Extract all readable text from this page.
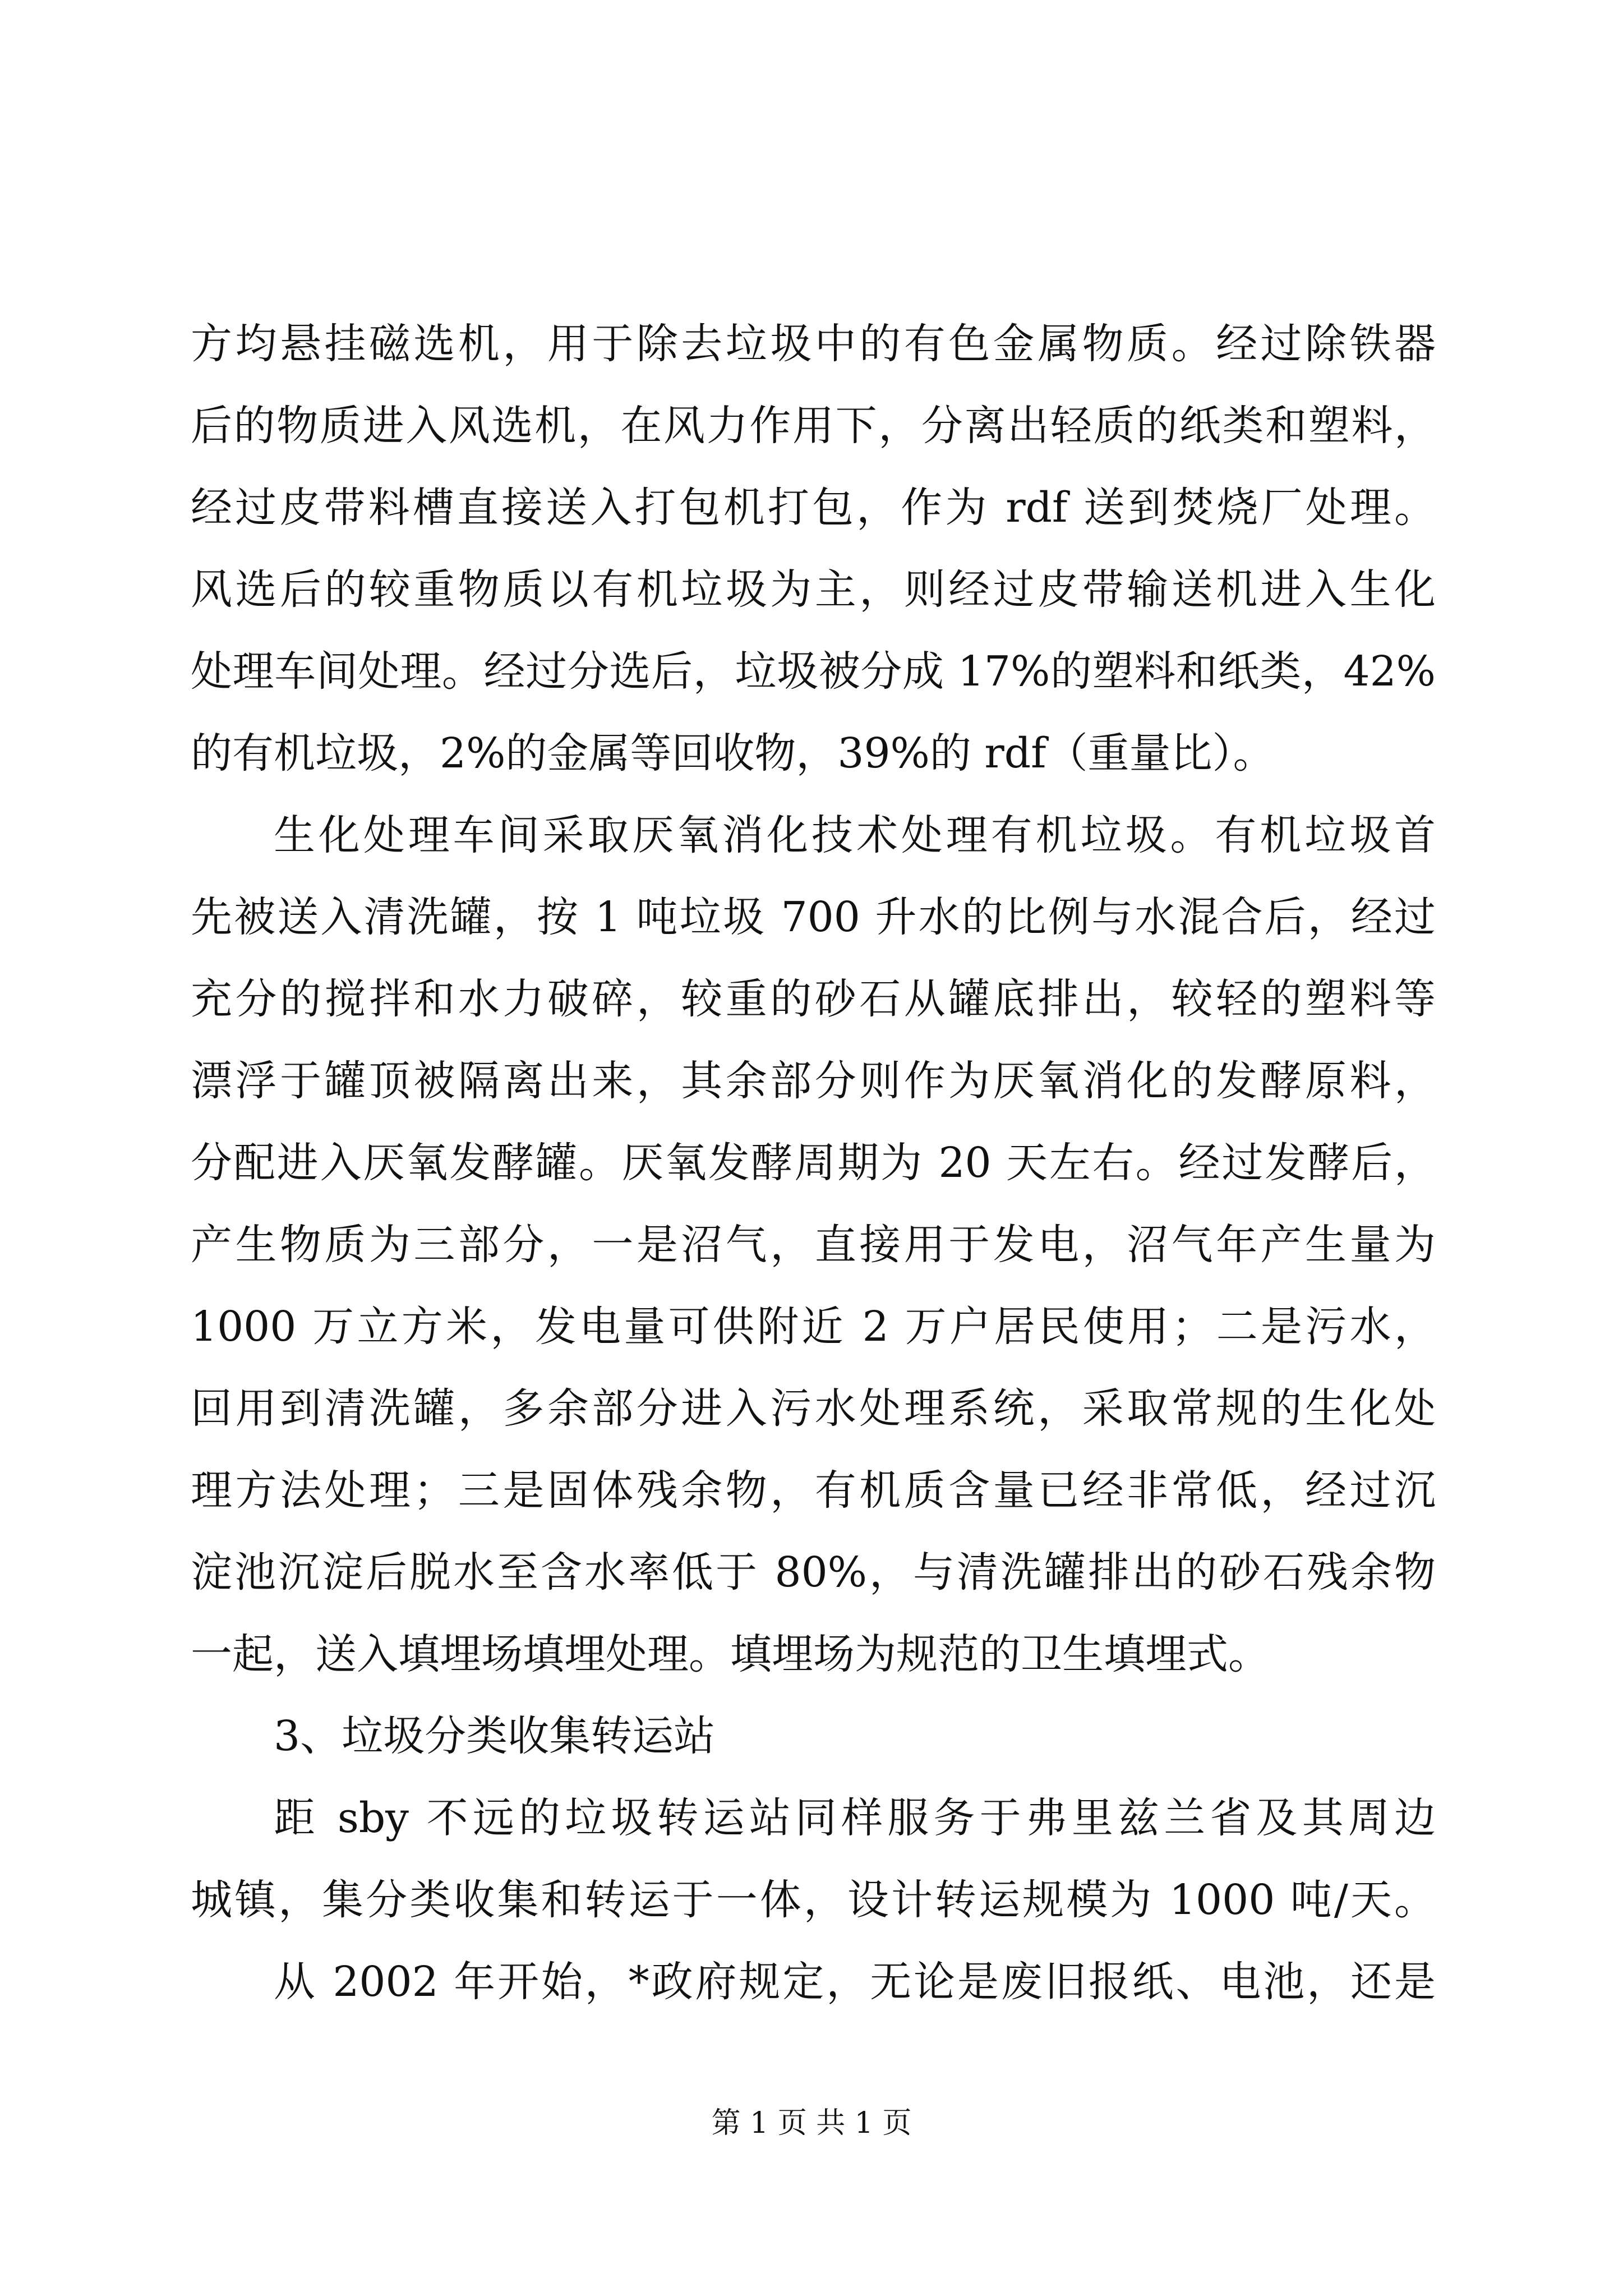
方均悬挂磁选机，用于除去垃圾中的有色金属物质。经过除铁器
后的物质进入风选机，在风力作用下，分离出轻质的纸类和塑料，
经过皮带料槽直接送入打包机打包，作为 rdf 送到焚烧厂处理。
风选后的较重物质以有机垃圾为主，则经过皮带输送机进入生化
处理车间处理。经过分选后，垃圾被分成 17%的塑料和纸类，42%
的有机垃圾，2%的金属等回收物，39%的 rdf（重量比）。
生化处理车间采取厌氧消化技术处理有机垃圾。有机垃圾首
先被送入清洗罐，按 1 吨垃圾 700 升水的比例与水混合后，经过
充分的搅拌和水力破碎，较重的砂石从罐底排出，较轻的塑料等
漂浮于罐顶被隔离出来，其余部分则作为厌氧消化的发酵原料，
分配进入厌氧发酵罐。厌氧发酵周期为 20 天左右。经过发酵后，
产生物质为三部分，一是沼气，直接用于发电，沼气年产生量为
1000 万立方米，发电量可供附近 2 万户居民使用；二是污水，
回用到清洗罐，多余部分进入污水处理系统，采取常规的生化处
理方法处理；三是固体残余物，有机质含量已经非常低，经过沉
淀池沉淀后脱水至含水率低于 80%，与清洗罐排出的砂石残余物
一起，送入填埋场填埋处理。填埋场为规范的卫生填埋式。
3、垃圾分类收集转运站
距 sby 不远的垃圾转运站同样服务于弗里兹兰省及其周边
城镇，集分类收集和转运于一体，设计转运规模为 1000 吨/天。
从 2002 年开始，*政府规定，无论是废旧报纸、电池，还是
第 1 页 共 1 页
